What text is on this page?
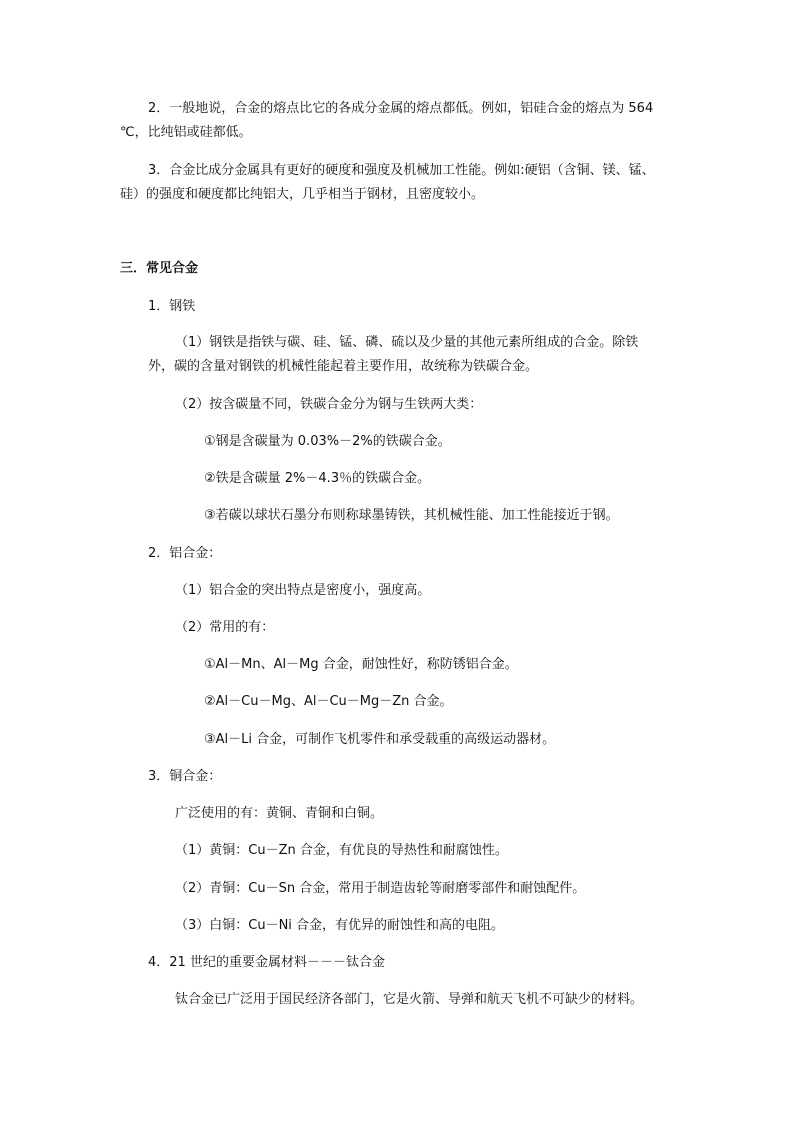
2．一般地说，合金的熔点比它的各成分金属的熔点都低。例如，铝硅合金的熔点为 564
℃，比纯铝或硅都低。
3．合金比成分金属具有更好的硬度和强度及机械加工性能。例如:硬铝（含铜、镁、锰、
硅）的强度和硬度都比纯铝大，几乎相当于钢材，且密度较小。
三．常见合金
1．钢铁
（1）钢铁是指铁与碳、硅、锰、磷、硫以及少量的其他元素所组成的合金。除铁
外，碳的含量对钢铁的机械性能起着主要作用，故统称为铁碳合金。
（2）按含碳量不同，铁碳合金分为钢与生铁两大类：
①钢是含碳量为 0.03%－2%的铁碳合金。
②铁是含碳量 2%－4.3％的铁碳合金。
③若碳以球状石墨分布则称球墨铸铁，其机械性能、加工性能接近于钢。
2．铝合金：
（1）铝合金的突出特点是密度小，强度高。
（2）常用的有：
①Al－Mn、Al－Mg 合金，耐蚀性好，称防锈铝合金。
②Al－Cu－Mg、Al－Cu－Mg－Zn 合金。
③Al－Li 合金，可制作飞机零件和承受载重的高级运动器材。
3．铜合金：
广泛使用的有：黄铜、青铜和白铜。
（1）黄铜：Cu－Zn 合金，有优良的导热性和耐腐蚀性。
（2）青铜：Cu－Sn 合金，常用于制造齿轮等耐磨零部件和耐蚀配件。
（3）白铜：Cu－Ni 合金，有优异的耐蚀性和高的电阻。
4．21 世纪的重要金属材料－－－钛合金
钛合金已广泛用于国民经济各部门，它是火箭、导弹和航天飞机不可缺少的材料。
